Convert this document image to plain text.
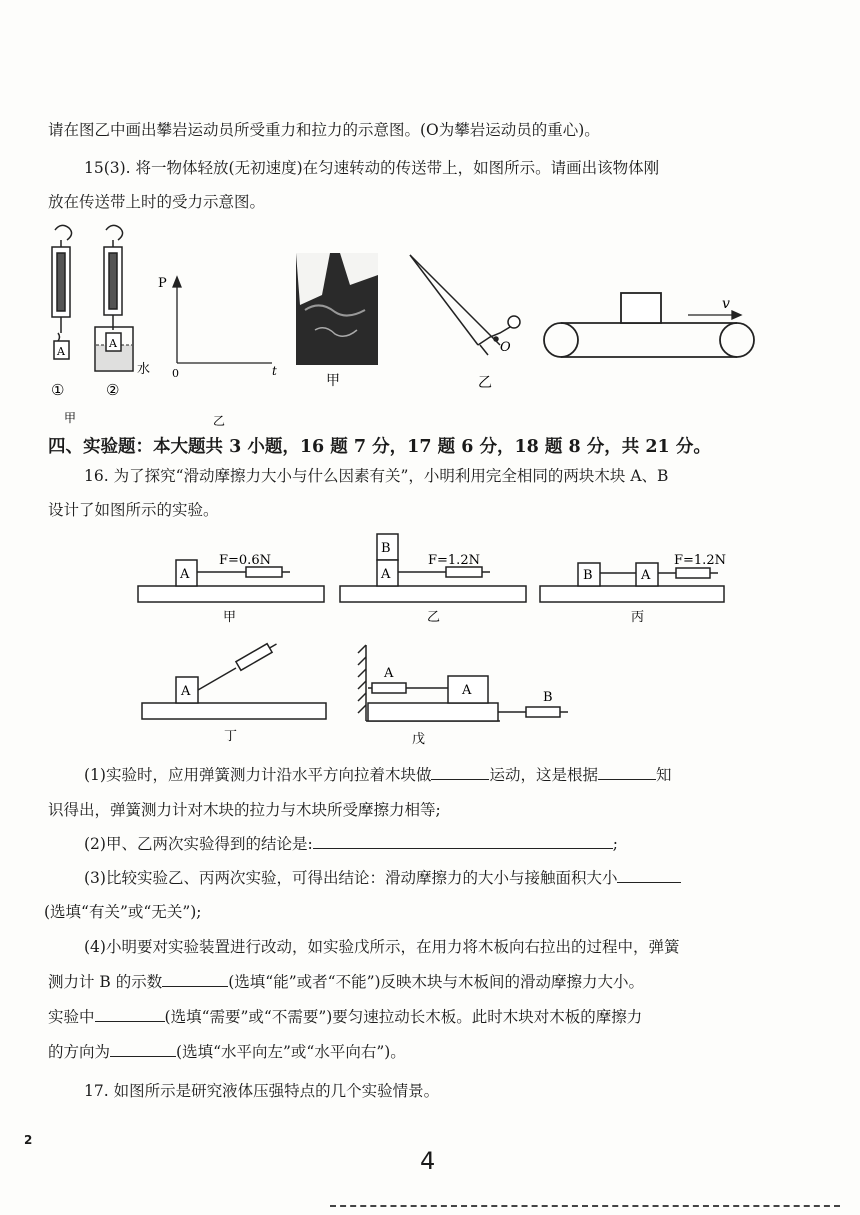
请在图乙中画出攀岩运动员所受重力和拉力的示意图。(O为攀岩运动员的重心)。
15(3). 将一物体轻放(无初速度)在匀速转动的传送带上，如图所示。请画出该物体刚
放在传送带上时的受力示意图。
A
①
A
水
②
甲
P
0	t
乙
甲
O
乙
v
四、实验题：本大题共 3 小题，16 题 7 分，17 题 6 分，18 题 8 分，共 21 分。
16. 为了探究“滑动摩擦力大小与什么因素有关”，小明利用完全相同的两块木块 A、B
设计了如图所示的实验。
A
F=0.6N
甲
B
A
F=1.2N
乙
B	A
F=1.2N
丙
A
丁
A
A	B
戊
(1)实验时，应用弹簧测力计沿水平方向拉着木块做	运动，这是根据	知
识得出，弹簧测力计对木块的拉力与木块所受摩擦力相等;
(2)甲、乙两次实验得到的结论是:	;
(3)比较实验乙、丙两次实验，可得出结论：滑动摩擦力的大小与接触面积大小
(选填“有关”或“无关”);
(4)小明要对实验装置进行改动，如实验戊所示，在用力将木板向右拉出的过程中，弹簧
测力计 B 的示数	(选填“能”或者“不能”)反映木块与木板间的滑动摩擦力大小。
实验中	(选填“需要”或“不需要”)要匀速拉动长木板。此时木块对木板的摩擦力
的方向为	(选填“水平向左”或“水平向右”)。
17. 如图所示是研究液体压强特点的几个实验情景。
2
4
